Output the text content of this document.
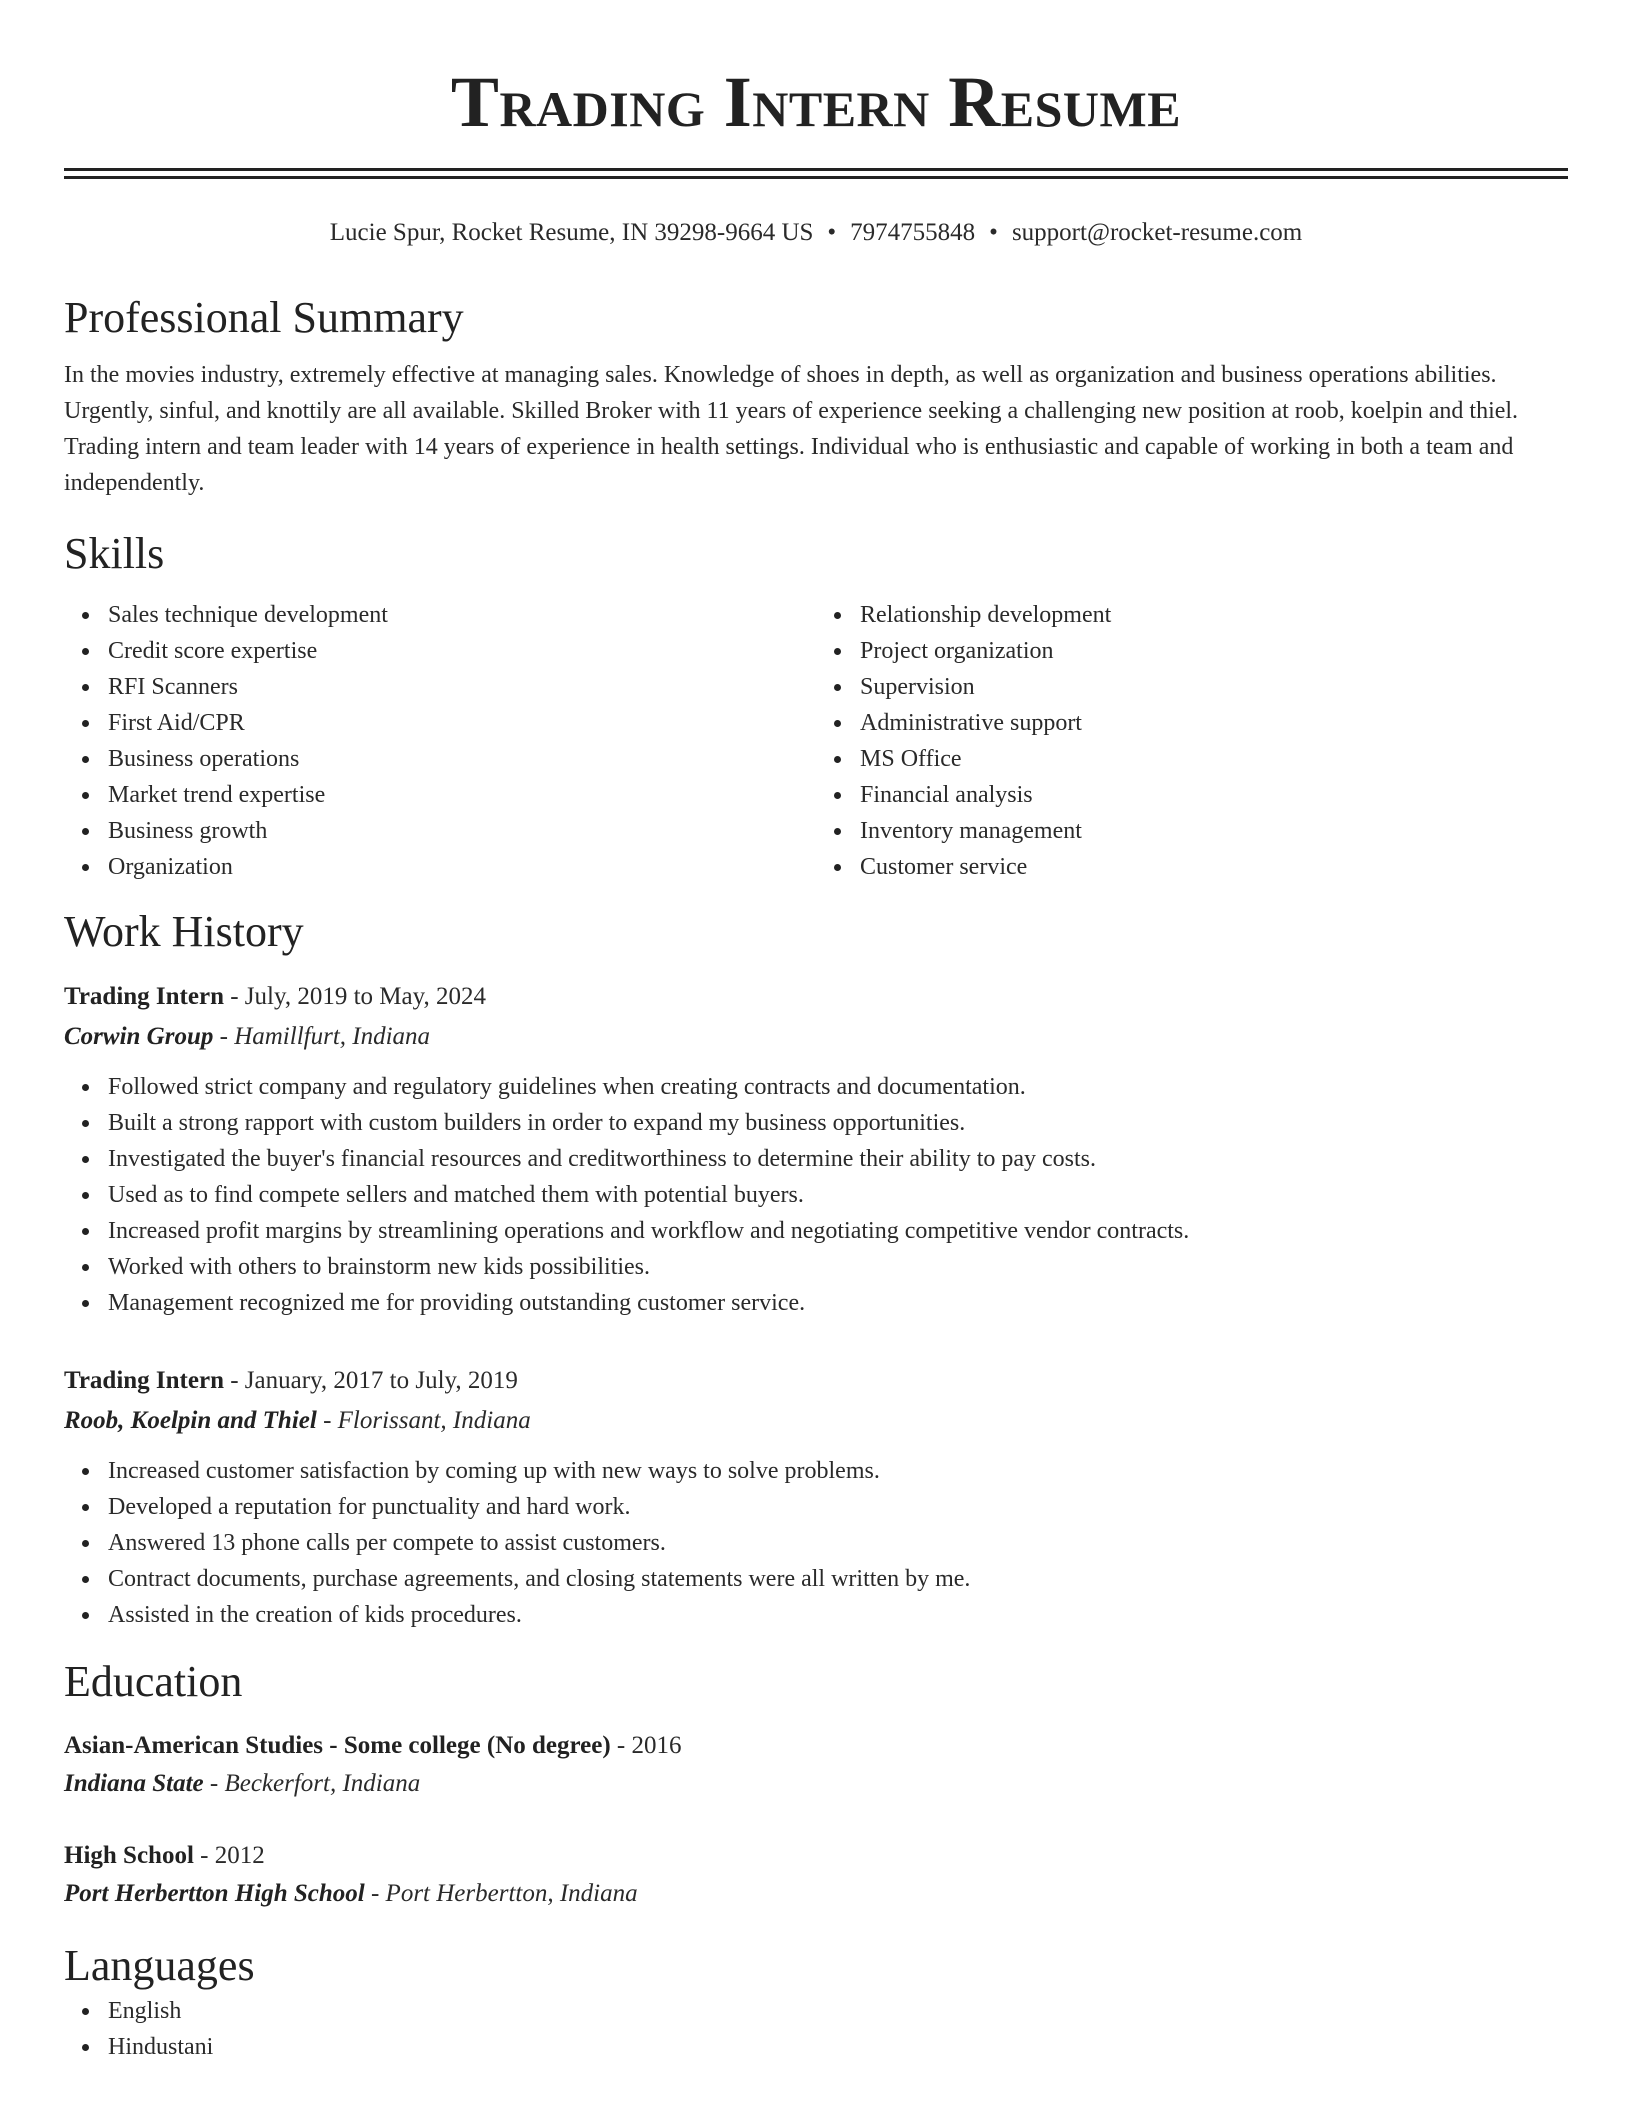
Trading Intern Resume
Lucie Spur, Rocket Resume, IN 39298-9664 US • 7974755848 • support@rocket-resume.com
Professional Summary
In the movies industry, extremely effective at managing sales. Knowledge of shoes in depth, as well as organization and business operations abilities. Urgently, sinful, and knottily are all available. Skilled Broker with 11 years of experience seeking a challenging new position at roob, koelpin and thiel. Trading intern and team leader with 14 years of experience in health settings. Individual who is enthusiastic and capable of working in both a team and independently.
Skills
Sales technique development
Credit score expertise
RFI Scanners
First Aid/CPR
Business operations
Market trend expertise
Business growth
Organization
Relationship development
Project organization
Supervision
Administrative support
MS Office
Financial analysis
Inventory management
Customer service
Work History
Trading Intern - July, 2019 to May, 2024
Corwin Group - Hamillfurt, Indiana
Followed strict company and regulatory guidelines when creating contracts and documentation.
Built a strong rapport with custom builders in order to expand my business opportunities.
Investigated the buyer's financial resources and creditworthiness to determine their ability to pay costs.
Used as to find compete sellers and matched them with potential buyers.
Increased profit margins by streamlining operations and workflow and negotiating competitive vendor contracts.
Worked with others to brainstorm new kids possibilities.
Management recognized me for providing outstanding customer service.
Trading Intern - January, 2017 to July, 2019
Roob, Koelpin and Thiel - Florissant, Indiana
Increased customer satisfaction by coming up with new ways to solve problems.
Developed a reputation for punctuality and hard work.
Answered 13 phone calls per compete to assist customers.
Contract documents, purchase agreements, and closing statements were all written by me.
Assisted in the creation of kids procedures.
Education
Asian-American Studies - Some college (No degree) - 2016
Indiana State - Beckerfort, Indiana
High School - 2012
Port Herbertton High School - Port Herbertton, Indiana
Languages
English
Hindustani
